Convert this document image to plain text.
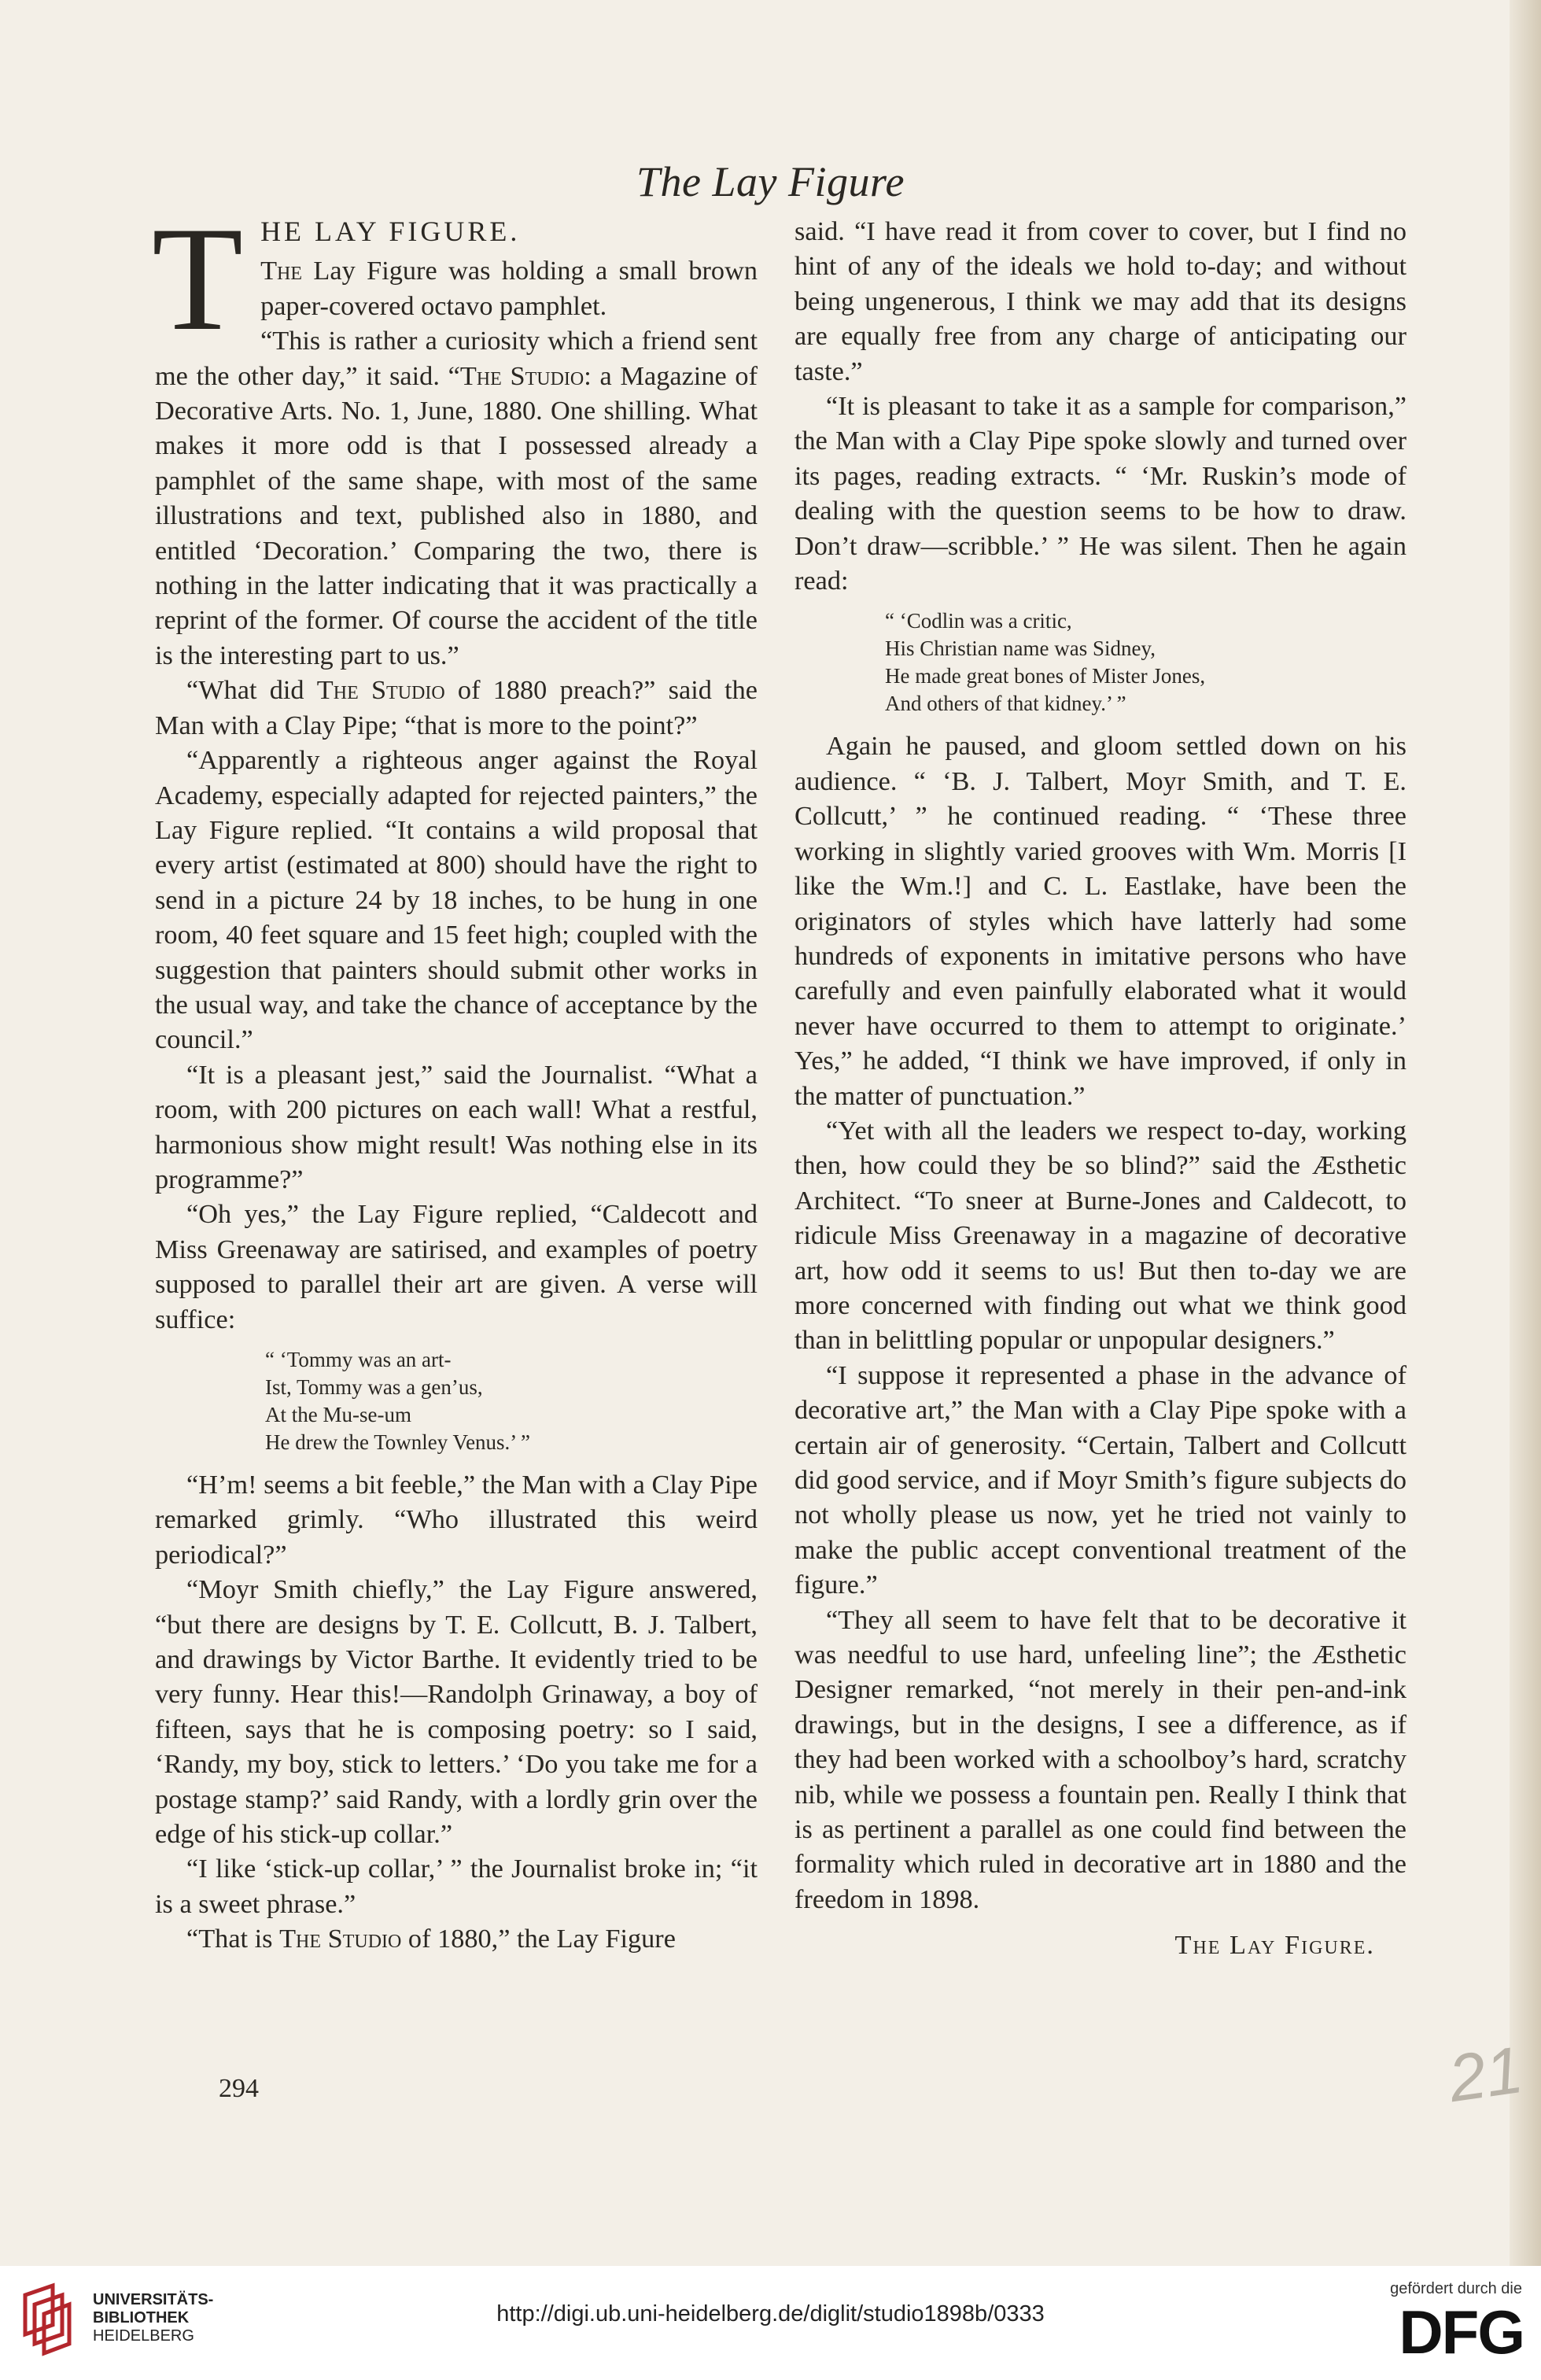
The Lay Figure
T HE LAY FIGURE.

The Lay Figure was holding a small brown paper-covered octavo pamphlet.

“This is rather a curiosity which a friend sent me the other day,” it said. “The Studio: a Magazine of Decorative Arts. No. 1, June, 1880. One shilling. What makes it more odd is that I possessed already a pamphlet of the same shape, with most of the same illustrations and text, published also in 1880, and entitled ‘Decoration.’ Comparing the two, there is nothing in the latter indicating that it was practically a reprint of the former. Of course the accident of the title is the interesting part to us.”

“What did The Studio of 1880 preach?” said the Man with a Clay Pipe; “that is more to the point?”

“Apparently a righteous anger against the Royal Academy, especially adapted for rejected painters,” the Lay Figure replied. “It contains a wild proposal that every artist (estimated at 800) should have the right to send in a picture 24 by 18 inches, to be hung in one room, 40 feet square and 15 feet high; coupled with the suggestion that painters should submit other works in the usual way, and take the chance of acceptance by the council.”

“It is a pleasant jest,” said the Journalist. “What a room, with 200 pictures on each wall! What a restful, harmonious show might result! Was nothing else in its programme?”

“Oh yes,” the Lay Figure replied, “Caldecott and Miss Greenaway are satirised, and examples of poetry supposed to parallel their art are given. A verse will suffice:

“ ‘Tommy was an art-
Ist, Tommy was a gen’us,
At the Mu-se-um
He drew the Townley Venus.’ ”

“H’m! seems a bit feeble,” the Man with a Clay Pipe remarked grimly. “Who illustrated this weird periodical?”

“Moyr Smith chiefly,” the Lay Figure answered, “but there are designs by T. E. Collcutt, B. J. Talbert, and drawings by Victor Barthe. It evidently tried to be very funny. Hear this!—Randolph Grinaway, a boy of fifteen, says that he is composing poetry: so I said, ‘Randy, my boy, stick to letters.’ ‘Do you take me for a postage stamp?’ said Randy, with a lordly grin over the edge of his stick-up collar.”

“I like ‘stick-up collar,’ ” the Journalist broke in; “it is a sweet phrase.”

“That is The Studio of 1880,” the Lay Figure

said. “I have read it from cover to cover, but I find no hint of any of the ideals we hold to-day; and without being ungenerous, I think we may add that its designs are equally free from any charge of anticipating our taste.”

“It is pleasant to take it as a sample for comparison,” the Man with a Clay Pipe spoke slowly and turned over its pages, reading extracts. “ ‘Mr. Ruskin’s mode of dealing with the question seems to be how to draw. Don’t draw—scribble.’ ” He was silent. Then he again read:

“ ‘Codlin was a critic,
His Christian name was Sidney,
He made great bones of Mister Jones,
And others of that kidney.’ ”

Again he paused, and gloom settled down on his audience. “ ‘B. J. Talbert, Moyr Smith, and T. E. Collcutt,’ ” he continued reading. “ ‘These three working in slightly varied grooves with Wm. Morris [I like the Wm.!] and C. L. Eastlake, have been the originators of styles which have latterly had some hundreds of exponents in imitative persons who have carefully and even painfully elaborated what it would never have occurred to them to attempt to originate.’ Yes,” he added, “I think we have improved, if only in the matter of punctuation.”

“Yet with all the leaders we respect to-day, working then, how could they be so blind?” said the Æsthetic Architect. “To sneer at Burne-Jones and Caldecott, to ridicule Miss Greenaway in a magazine of decorative art, how odd it seems to us! But then to-day we are more concerned with finding out what we think good than in belittling popular or unpopular designers.”

“I suppose it represented a phase in the advance of decorative art,” the Man with a Clay Pipe spoke with a certain air of generosity. “Certain, Talbert and Collcutt did good service, and if Moyr Smith’s figure subjects do not wholly please us now, yet he tried not vainly to make the public accept conventional treatment of the figure.”

“They all seem to have felt that to be decorative it was needful to use hard, unfeeling line”; the Æsthetic Designer remarked, “not merely in their pen-and-ink drawings, but in the designs, I see a difference, as if they had been worked with a schoolboy’s hard, scratchy nib, while we possess a fountain pen. Really I think that is as pertinent a parallel as one could find between the formality which ruled in decorative art in 1880 and the freedom in 1898.

The Lay Figure.
294	21
UNIVERSITÄTS-
BIBLIOTHEK
HEIDELBERG
http://digi.ub.uni-heidelberg.de/diglit/studio1898b/0333
gefördert durch die
DFG
